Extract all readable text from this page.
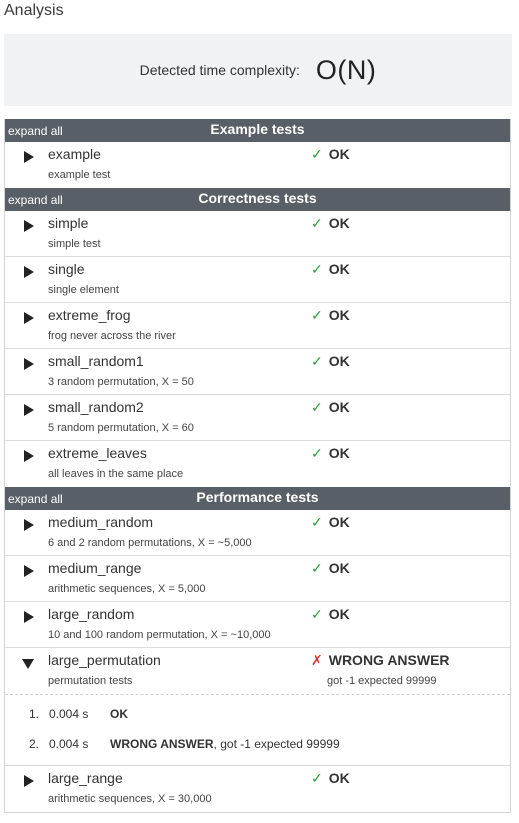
Analysis
Detected time complexity: O(N)
expand all	Example tests
example
example test
✓ OK
expand all	Correctness tests
simple
simple test
✓ OK
single
single element
✓ OK
extreme_frog
frog never across the river
✓ OK
small_random1
3 random permutation, X = 50
✓ OK
small_random2
5 random permutation, X = 60
✓ OK
extreme_leaves
all leaves in the same place
✓ OK
expand all	Performance tests
medium_random
6 and 2 random permutations, X = ~5,000
✓ OK
medium_range
arithmetic sequences, X = 5,000
✓ OK
large_random
10 and 100 random permutation, X = ~10,000
✓ OK
large_permutation
permutation tests
✗ WRONG ANSWER
got -1 expected 99999
1. 0.004 s OK
2. 0.004 s WRONG ANSWER, got -1 expected 99999
large_range
arithmetic sequences, X = 30,000
✓ OK
